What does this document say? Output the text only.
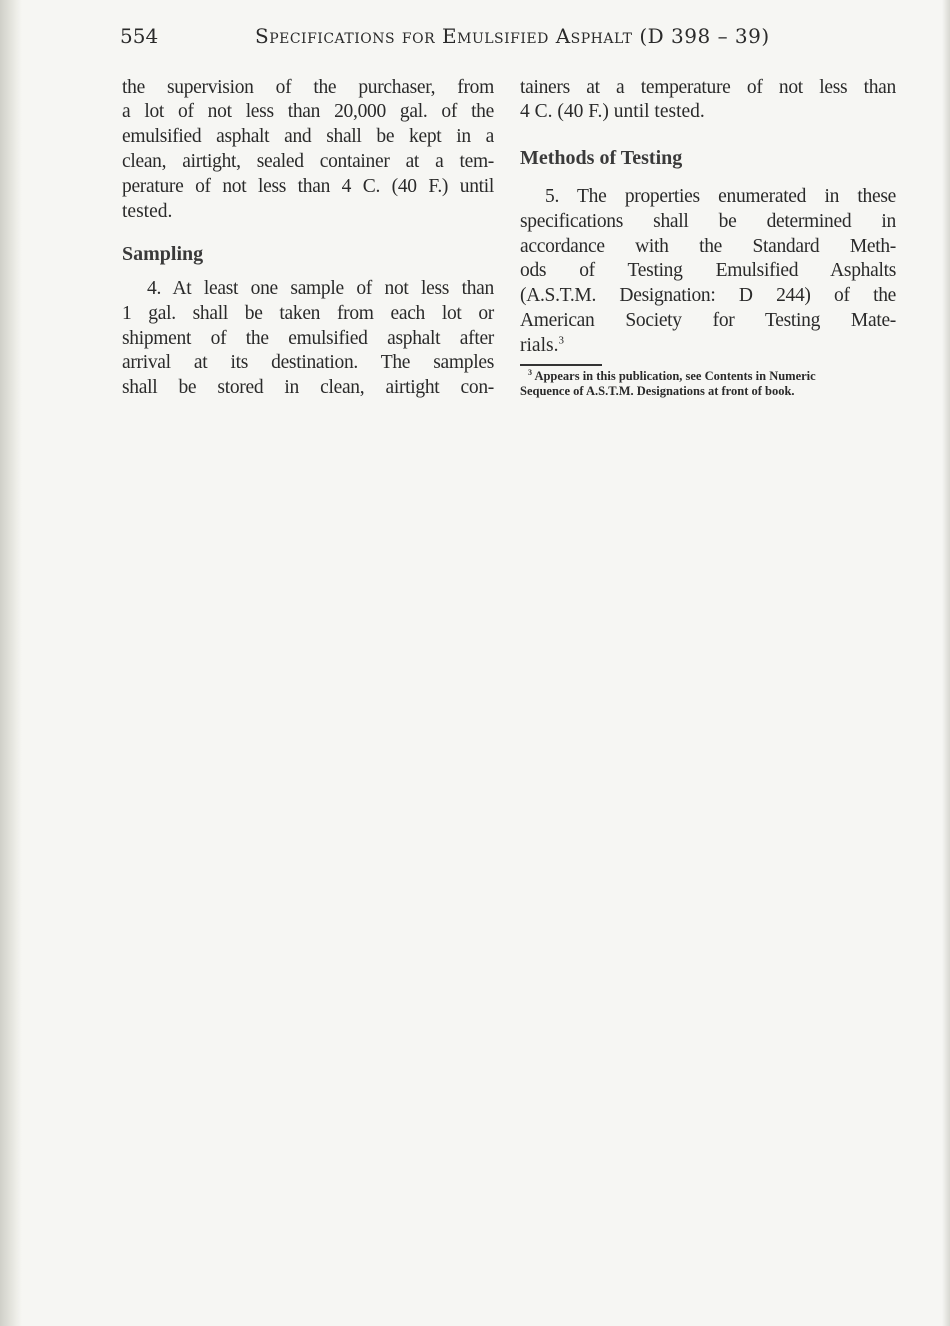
554	Specifications for Emulsified Asphalt (D 398 – 39)
the supervision of the purchaser, from
a lot of not less than 20,000 gal. of the
emulsified asphalt and shall be kept in a
clean, airtight, sealed container at a tem-
perature of not less than 4 C. (40 F.) until
tested.
Sampling
4. At least one sample of not less than
1 gal. shall be taken from each lot or
shipment of the emulsified asphalt after
arrival at its destination. The samples
shall be stored in clean, airtight con-
tainers at a temperature of not less than
4 C. (40 F.) until tested.
Methods of Testing
5. The properties enumerated in these
specifications shall be determined in
accordance with the Standard Meth-
ods of Testing Emulsified Asphalts
(A.S.T.M. Designation: D 244) of the
American Society for Testing Mate-
rials.$^3$
$^3$ Appears in this publication, see Contents in Numeric
Sequence of A.S.T.M. Designations at front of book.
